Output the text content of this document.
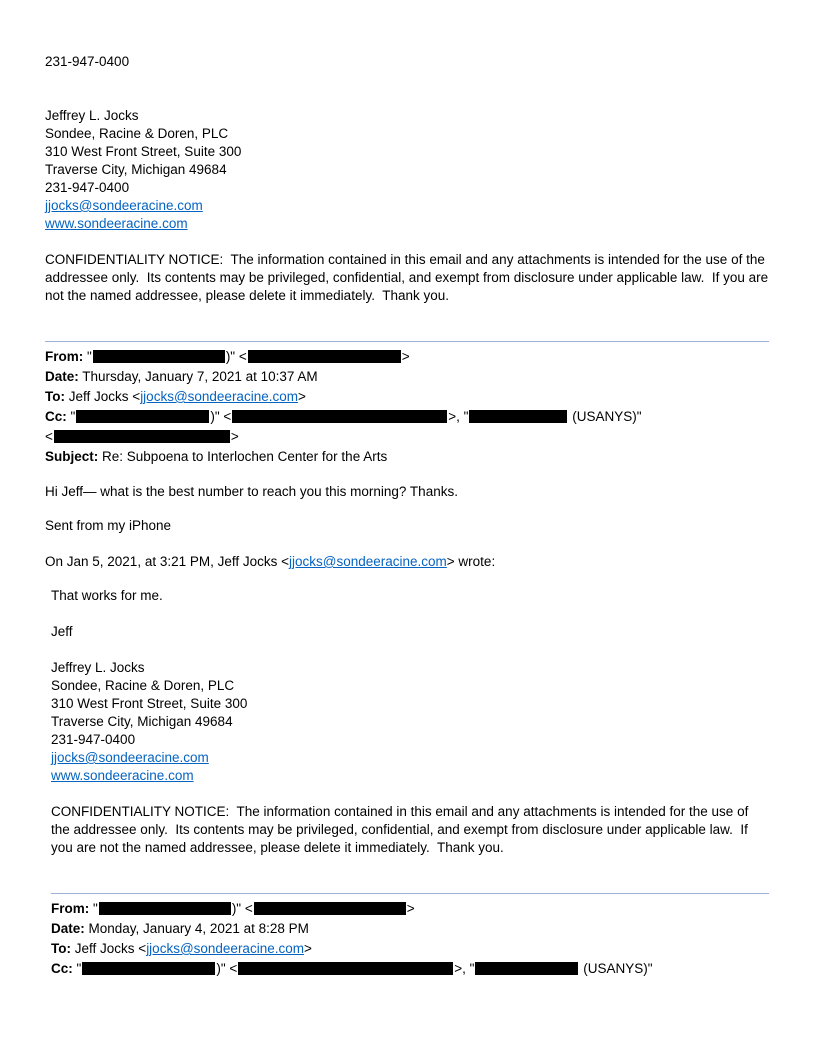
231-947-0400

Jeffrey L. Jocks

Sondee, Racine & Doren, PLC

310 West Front Street, Suite 300

Traverse City, Michigan 49684

231-947-0400

jjocks@sondeeracine.com

www.sondeeracine.com

CONFIDENTIALITY NOTICE:  The information contained in this email and any attachments is intended for the use of the addressee only.  Its contents may be privileged, confidential, and exempt from disclosure under applicable law.  If you are not the named addressee, please delete it immediately.  Thank you.

From: "	)" <	>

Date: Thursday, January 7, 2021 at 10:37 AM

To: Jeff Jocks <jjocks@sondeeracine.com>

Cc: "	)" <	>, "	(USANYS)"

<	>

Subject: Re: Subpoena to Interlochen Center for the Arts

Hi Jeff— what is the best number to reach you this morning? Thanks.

Sent from my iPhone

On Jan 5, 2021, at 3:21 PM, Jeff Jocks <jjocks@sondeeracine.com> wrote:

That works for me.

Jeff

Jeffrey L. Jocks

Sondee, Racine & Doren, PLC

310 West Front Street, Suite 300

Traverse City, Michigan 49684

231-947-0400

jjocks@sondeeracine.com

www.sondeeracine.com

CONFIDENTIALITY NOTICE:  The information contained in this email and any attachments is intended for the use of the addressee only.  Its contents may be privileged, confidential, and exempt from disclosure under applicable law.  If you are not the named addressee, please delete it immediately.  Thank you.

From: "	)" <	>

Date: Monday, January 4, 2021 at 8:28 PM

To: Jeff Jocks <jjocks@sondeeracine.com>

Cc: "	)" <	>, "	(USANYS)"
